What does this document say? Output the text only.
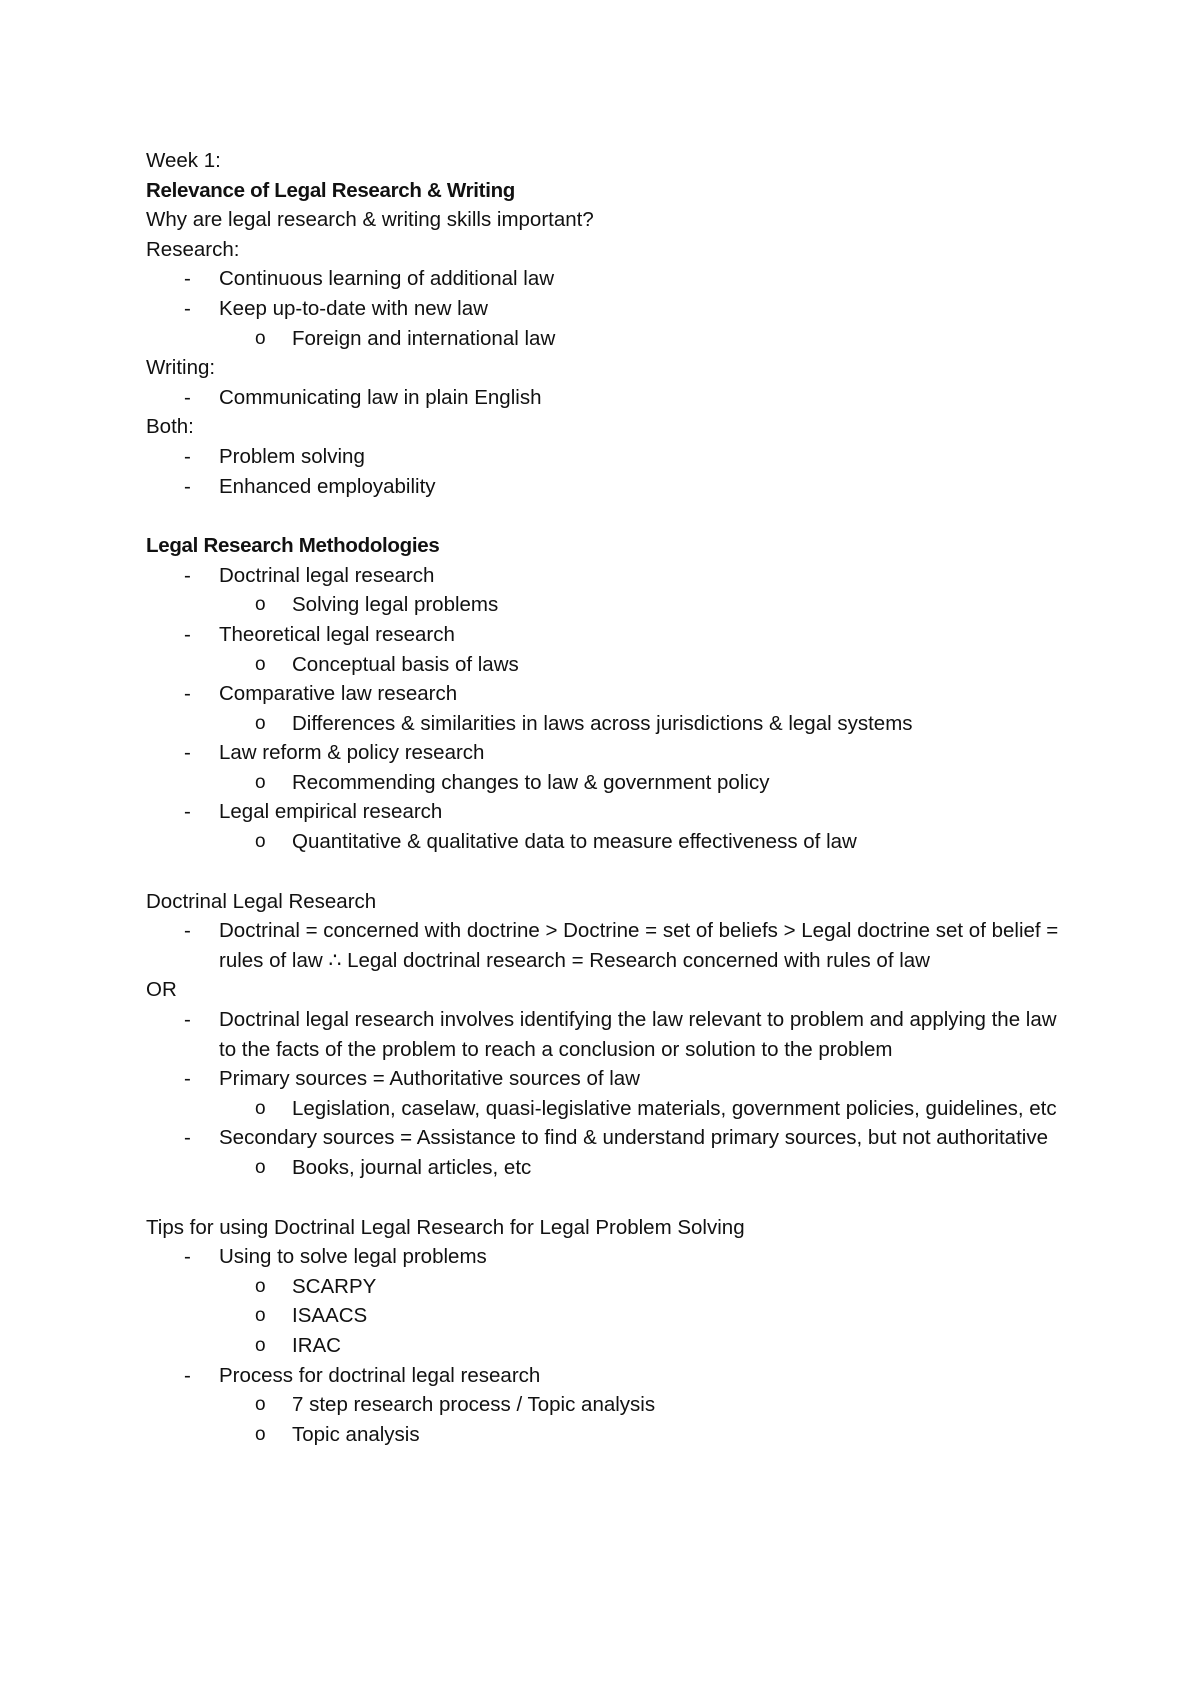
Week 1:

Relevance of Legal Research & Writing

Why are legal research & writing skills important?

Research:

- Continuous learning of additional law
- Keep up-to-date with new law
o Foreign and international law

Writing:

- Communicating law in plain English

Both:

- Problem solving
- Enhanced employability

Legal Research Methodologies

- Doctrinal legal research
o Solving legal problems
- Theoretical legal research
o Conceptual basis of laws
- Comparative law research
o Differences & similarities in laws across jurisdictions & legal systems
- Law reform & policy research
o Recommending changes to law & government policy
- Legal empirical research
o Quantitative & qualitative data to measure effectiveness of law

Doctrinal Legal Research

- Doctrinal = concerned with doctrine > Doctrine = set of beliefs > Legal doctrine set of belief = rules of law ∴ Legal doctrinal research = Research concerned with rules of law

OR

- Doctrinal legal research involves identifying the law relevant to problem and applying the law to the facts of the problem to reach a conclusion or solution to the problem
- Primary sources = Authoritative sources of law
o Legislation, caselaw, quasi-legislative materials, government policies, guidelines, etc
- Secondary sources = Assistance to find & understand primary sources, but not authoritative
o Books, journal articles, etc

Tips for using Doctrinal Legal Research for Legal Problem Solving

- Using to solve legal problems
o SCARPY
o ISAACS
o IRAC
- Process for doctrinal legal research
o 7 step research process / Topic analysis
o Topic analysis
